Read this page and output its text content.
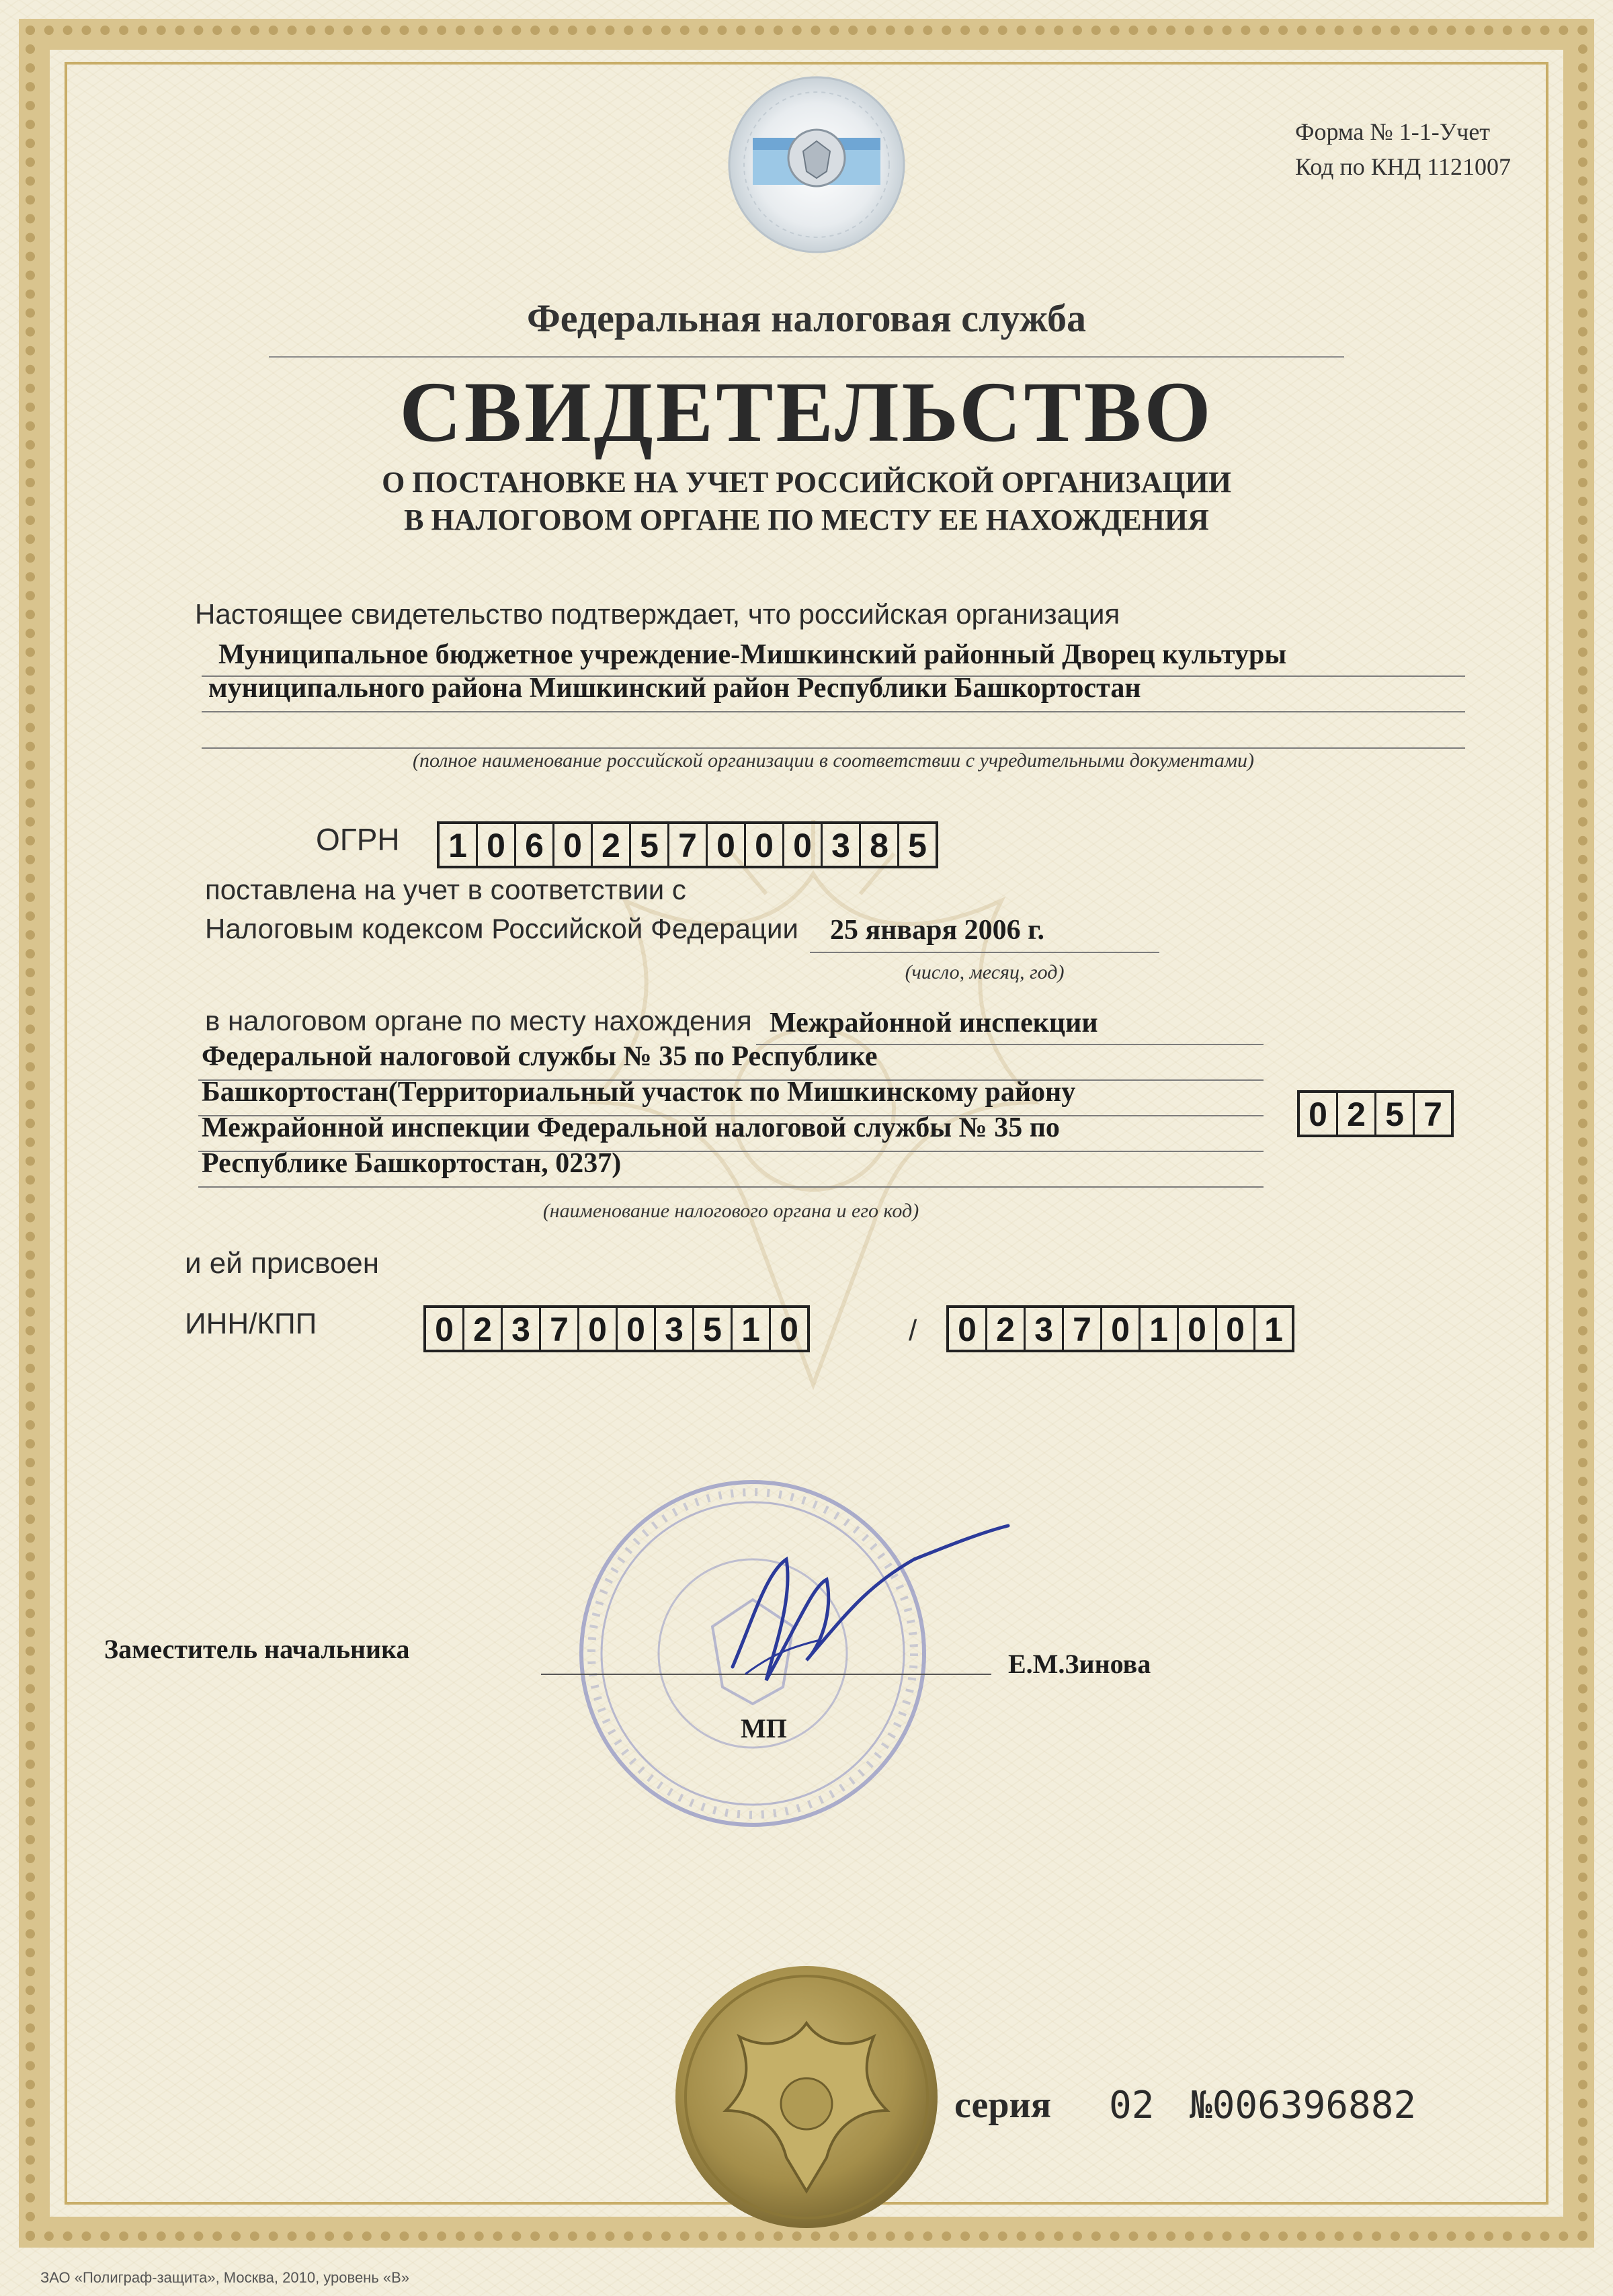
Форма № 1-1-Учет
Код по КНД 1121007
Федеральная налоговая служба
СВИДЕТЕЛЬСТВО
О ПОСТАНОВКЕ НА УЧЕТ РОССИЙСКОЙ ОРГАНИЗАЦИИ
В НАЛОГОВОМ ОРГАНЕ ПО МЕСТУ ЕЕ НАХОЖДЕНИЯ
Настоящее свидетельство подтверждает, что российская организация
Муниципальное бюджетное учреждение-Мишкинский районный Дворец культуры
муниципального района Мишкинский район Республики Башкортостан
(полное наименование российской организации в соответствии с учредительными документами)
ОГРН 1 0 6 0 2 5 7 0 0 0 3 8 5
поставлена на учет в соответствии с
Налоговым кодексом Российской Федерации 25 января 2006 г.
(число, месяц, год)
в налоговом органе по месту нахождения Межрайонной инспекции
Федеральной налоговой службы № 35 по Республике
Башкортостан(Территориальный участок по Мишкинскому району
Межрайонной инспекции Федеральной налоговой службы № 35 по
Республике Башкортостан, 0237)
0 2 5 7
(наименование налогового органа и его код)
и ей присвоен
ИНН/КПП	0 2 3 7 0 0 3 5 1 0	/ 0 2 3 7 0 1 0 0 1
Заместитель начальника	Е.М.Зинова
МП
серия 02 №006396882
ЗАО «Полиграф-защита», Москва, 2010, уровень «В»
